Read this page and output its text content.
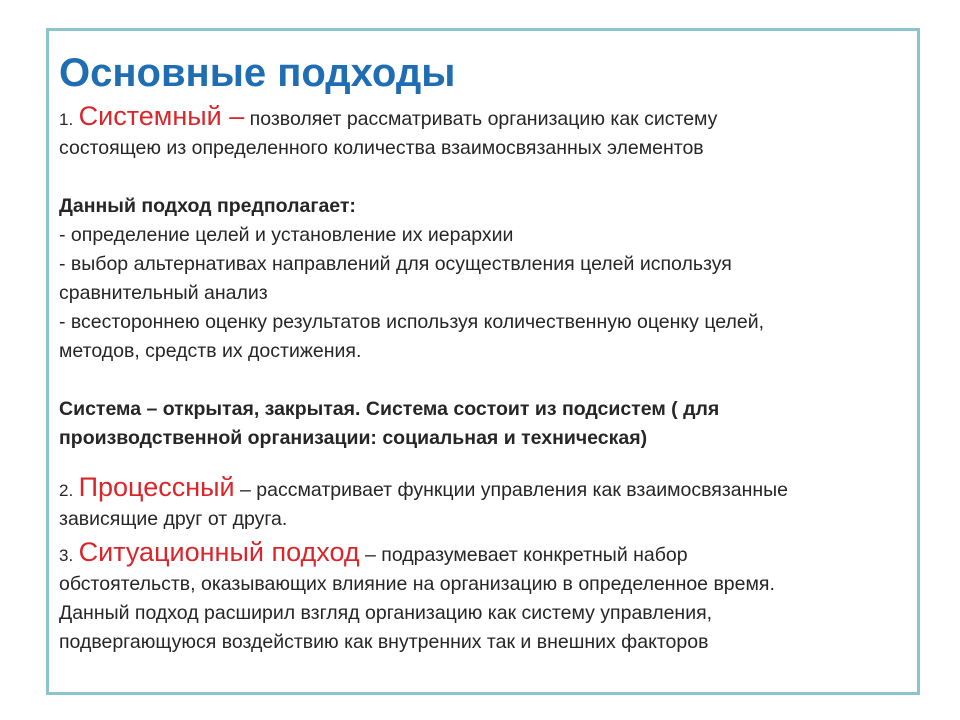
Основные подходы
1. Системный – позволяет рассматривать организацию как систему
состоящею из определенного количества взаимосвязанных элементов
Данный подход предполагает:
- определение целей и установление их иерархии
- выбор альтернативах направлений для осуществления целей используя
сравнительный анализ
- всестороннею оценку результатов используя количественную оценку целей,
методов, средств их достижения.
Система – открытая, закрытая. Система состоит из подсистем ( для
производственной организации: социальная и техническая)
2. Процессный – рассматривает функции управления как взаимосвязанные
зависящие друг от друга.
3. Ситуационный подход – подразумевает конкретный набор
обстоятельств, оказывающих влияние на организацию в определенное время.
Данный подход расширил взгляд организацию как систему управления,
подвергающуюся воздействию как внутренних так и внешних факторов
